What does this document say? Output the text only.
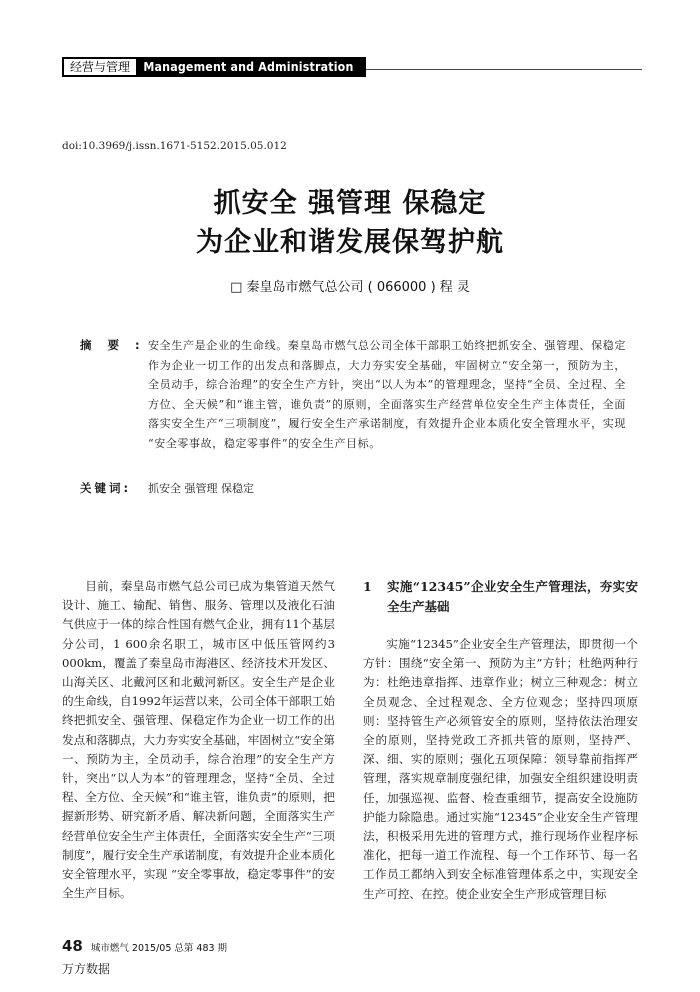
经营与管理	Management and Administration
doi:10.3969/j.issn.1671-5152.2015.05.012
抓安全 强管理 保稳定
为企业和谐发展保驾护航
□ 秦皇岛市燃气总公司 ( 066000 ) 程 灵
摘要:
安全生产是企业的生命线。秦皇岛市燃气总公司全体干部职工始终把抓安全、强管理、保稳定作为企业一切工作的出发点和落脚点，大力夯实安全基础，牢固树立“安全第一，预防为主，全员动手，综合治理”的安全生产方针，突出“以人为本”的管理理念，坚持“全员、全过程、全方位、全天候”和“谁主管，谁负责”的原则，全面落实生产经营单位安全生产主体责任，全面落实安全生产“三项制度”，履行安全生产承诺制度，有效提升企业本质化安全管理水平，实现 “安全零事故，稳定零事件”的安全生产目标。
关键词: 抓安全 强管理 保稳定

目前，秦皇岛市燃气总公司已成为集管道天然气设计、施工、输配、销售、服务、管理以及液化石油气供应于一体的综合性国有燃气企业，拥有11个基层分公司，1 600余名职工，城市区中低压管网约3 000km，覆盖了秦皇岛市海港区、经济技术开发区、山海关区、北戴河区和北戴河新区。安全生产是企业的生命线，自1992年运营以来，公司全体干部职工始终把抓安全、强管理、保稳定作为企业一切工作的出发点和落脚点，大力夯实安全基础，牢固树立“安全第一、预防为主，全员动手，综合治理”的安全生产方针，突出“以人为本”的管理理念，坚持“全员、全过程、全方位、全天候”和“谁主管，谁负责”的原则，把握新形势、研究新矛盾、解决新问题，全面落实生产经营单位安全生产主体责任，全面落实安全生产“三项制度”，履行安全生产承诺制度，有效提升企业本质化安全管理水平，实现 “安全零事故，稳定零事件”的安全生产目标。

1	实施“12345”企业安全生产管理法，夯实安全生产基础

实施“12345”企业安全生产管理法，即贯彻一个方针：围绕“安全第一、预防为主”方针；杜绝两种行为：杜绝违章指挥、违章作业；树立三种观念：树立全员观念、全过程观念、全方位观念；坚持四项原则：坚持管生产必须管安全的原则，坚持依法治理安全的原则，坚持党政工齐抓共管的原则，坚持严、深、细、实的原则；强化五项保障：领导靠前指挥严管理，落实规章制度强纪律，加强安全组织建设明责任，加强巡视、监督、检查重细节，提高安全设施防护能力除隐患。通过实施“12345”企业安全生产管理法，积极采用先进的管理方式，推行现场作业程序标准化，把每一道工作流程、每一个工作环节、每一名工作员工都纳入到安全标准管理体系之中，实现安全生产可控、在控。使企业安全生产形成管理目标

48 城市燃气 2015/05 总第 483 期
万方数据
